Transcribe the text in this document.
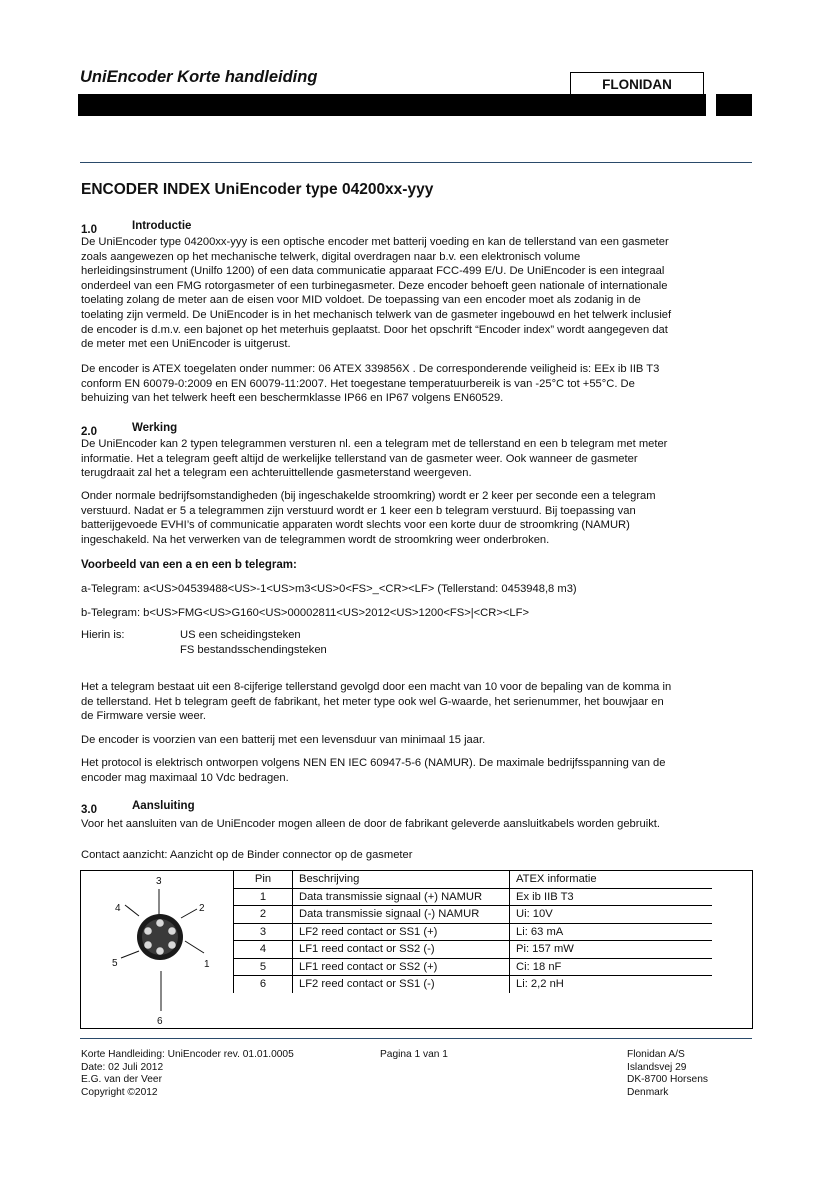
UniEncoder Korte handleiding	FLONIDAN
ENCODER INDEX UniEncoder type 04200xx-yyy
1.0	Introductie
De UniEncoder type 04200xx-yyy is een optische encoder met batterij voeding en kan de tellerstand van een gasmeter
zoals aangewezen op het mechanische telwerk, digital overdragen naar b.v. een elektronisch volume
herleidingsinstrument (Unilfo 1200) of een data communicatie apparaat FCC-499 E/U. De UniEncoder is een integraal
onderdeel van een FMG rotorgasmeter of een turbinegasmeter. Deze encoder behoeft geen nationale of internationale
toelating zolang de meter aan de eisen voor MID voldoet. De toepassing van een encoder moet als zodanig in de
toelating zijn vermeld. De UniEncoder is in het mechanisch telwerk van de gasmeter ingebouwd en het telwerk inclusief
de encoder is d.m.v. een bajonet op het meterhuis geplaatst. Door het opschrift “Encoder index” wordt aangegeven dat
de meter met een UniEncoder is uitgerust.
De encoder is ATEX toegelaten onder nummer: 06 ATEX 339856X . De corresponderende veiligheid is: EEx ib IIB T3
conform EN 60079-0:2009 en EN 60079-11:2007. Het toegestane temperatuurbereik is van -25°C tot +55°C. De
behuizing van het telwerk heeft een beschermklasse IP66 en IP67 volgens EN60529.
2.0	Werking
De UniEncoder kan 2 typen telegrammen versturen nl. een a telegram met de tellerstand en een b telegram met meter
informatie. Het a telegram geeft altijd de werkelijke tellerstand van de gasmeter weer. Ook wanneer de gasmeter
terugdraait zal het a telegram een achteruittellende gasmeterstand weergeven.
Onder normale bedrijfsomstandigheden (bij ingeschakelde stroomkring) wordt er 2 keer per seconde een a telegram
verstuurd. Nadat er 5 a telegrammen zijn verstuurd wordt er 1 keer een b telegram verstuurd. Bij toepassing van
batterijgevoede EVHI’s of communicatie apparaten wordt slechts voor een korte duur de stroomkring (NAMUR)
ingeschakeld. Na het verwerken van de telegrammen wordt de stroomkring weer onderbroken.
Voorbeeld van een a en een b telegram:
a-Telegram: a<US>04539488<US>-1<US>m3<US>0<FS>_<CR><LF> (Tellerstand: 0453948,8 m3)
b-Telegram: b<US>FMG<US>G160<US>00002811<US>2012<US>1200<FS>|<CR><LF>
Hierin is:	US een scheidingsteken
FS bestandsschendingsteken
Het a telegram bestaat uit een 8-cijferige tellerstand gevolgd door een macht van 10 voor de bepaling van de komma in
de tellerstand. Het b telegram geeft de fabrikant, het meter type ook wel G-waarde, het serienummer, het bouwjaar en
de Firmware versie weer.
De encoder is voorzien van een batterij met een levensduur van minimaal 15 jaar.
Het protocol is elektrisch ontworpen volgens NEN EN IEC 60947-5-6 (NAMUR). De maximale bedrijfsspanning van de
encoder mag maximaal 10 Vdc bedragen.
3.0	Aansluiting
Voor het aansluiten van de UniEncoder mogen alleen de door de fabrikant geleverde aansluitkabels worden gebruikt.
Contact aanzicht: Aanzicht op de Binder connector op de gasmeter
3
4	2
5	1
6
Pin	Beschrijving	ATEX informatie
1	Data transmissie signaal (+) NAMUR	Ex ib IIB T3
2	Data transmissie signaal (-) NAMUR	Ui: 10V
3	LF2 reed contact or SS1 (+)	Li: 63 mA
4	LF1 reed contact or SS2 (-)	Pi: 157 mW
5	LF1 reed contact or SS2 (+)	Ci: 18 nF
6	LF2 reed contact or SS1 (-)	Li: 2,2 nH
Korte Handleiding: UniEncoder rev. 01.01.0005
Date: 02 Juli 2012
E.G. van der Veer
Copyright ©2012
Pagina 1 van 1	Flonidan A/S
Islandsvej 29
DK-8700 Horsens
Denmark
